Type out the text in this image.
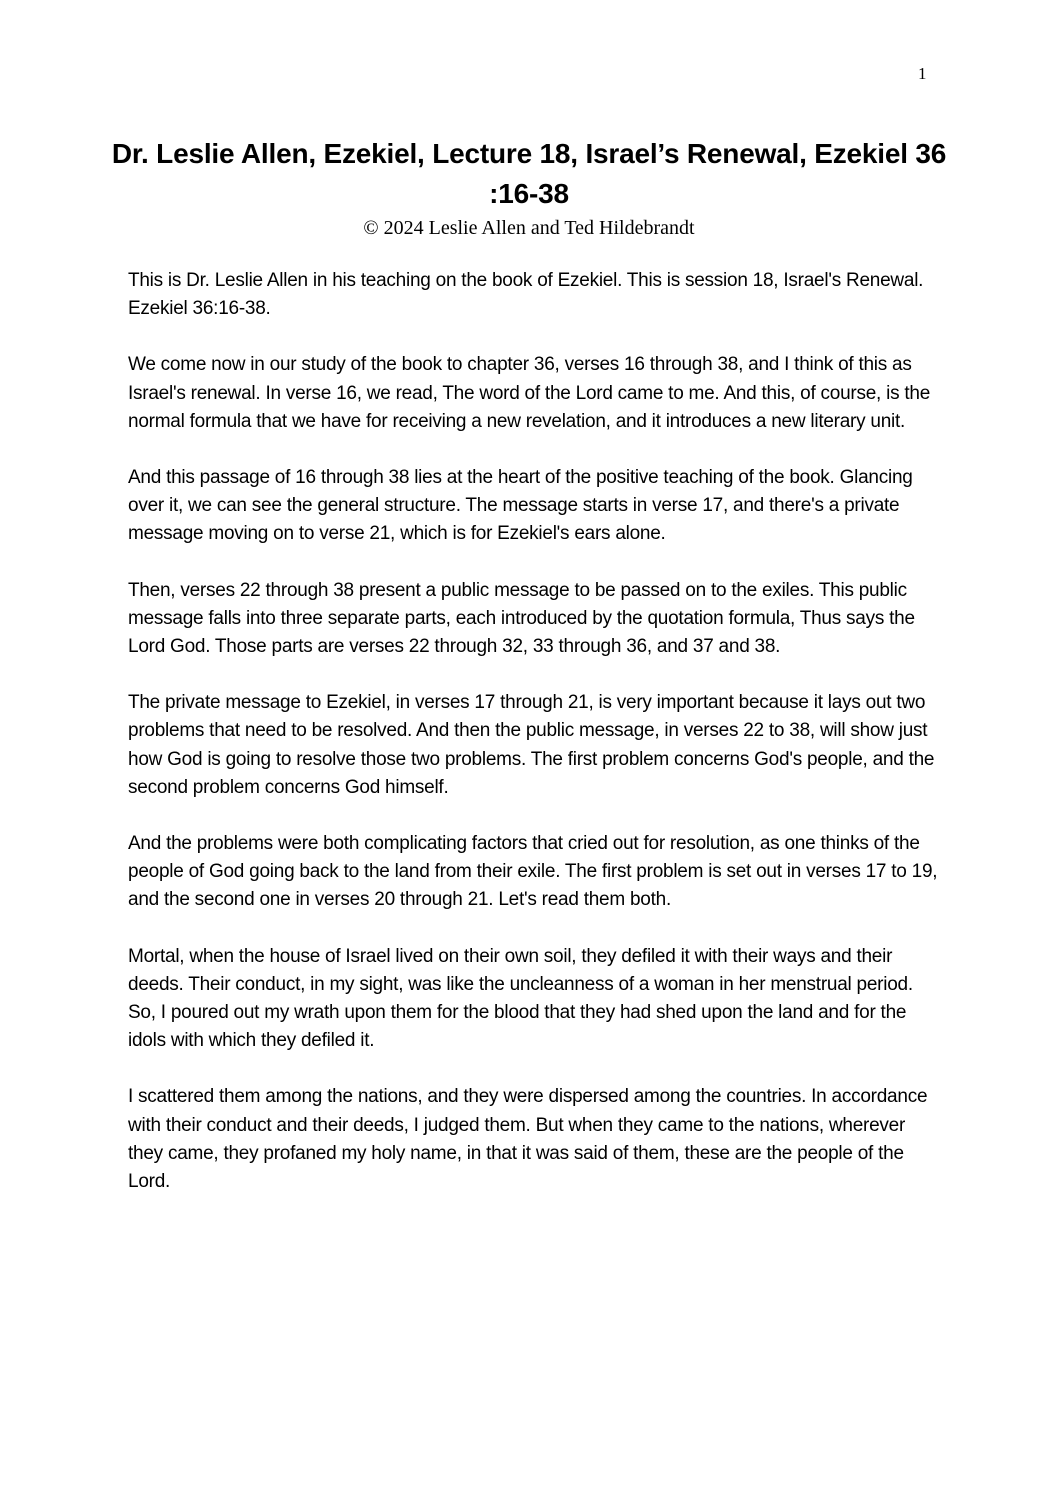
1
Dr. Leslie Allen, Ezekiel, Lecture 18, Israel’s Renewal, Ezekiel 36 :16-38
© 2024 Leslie Allen and Ted Hildebrandt

This is Dr. Leslie Allen in his teaching on the book of Ezekiel. This is session 18, Israel's Renewal. Ezekiel 36:16-38.

We come now in our study of the book to chapter 36, verses 16 through 38, and I think of this as Israel's renewal. In verse 16, we read, The word of the Lord came to me. And this, of course, is the normal formula that we have for receiving a new revelation, and it introduces a new literary unit.

And this passage of 16 through 38 lies at the heart of the positive teaching of the book. Glancing over it, we can see the general structure. The message starts in verse 17, and there's a private message moving on to verse 21, which is for Ezekiel's ears alone.

Then, verses 22 through 38 present a public message to be passed on to the exiles. This public message falls into three separate parts, each introduced by the quotation formula, Thus says the Lord God. Those parts are verses 22 through 32, 33 through 36, and 37 and 38.

The private message to Ezekiel, in verses 17 through 21, is very important because it lays out two problems that need to be resolved. And then the public message, in verses 22 to 38, will show just how God is going to resolve those two problems. The first problem concerns God's people, and the second problem concerns God himself.

And the problems were both complicating factors that cried out for resolution, as one thinks of the people of God going back to the land from their exile. The first problem is set out in verses 17 to 19, and the second one in verses 20 through 21. Let's read them both.

Mortal, when the house of Israel lived on their own soil, they defiled it with their ways and their deeds. Their conduct, in my sight, was like the uncleanness of a woman in her menstrual period. So, I poured out my wrath upon them for the blood that they had shed upon the land and for the idols with which they defiled it.

I scattered them among the nations, and they were dispersed among the countries. In accordance with their conduct and their deeds, I judged them. But when they came to the nations, wherever they came, they profaned my holy name, in that it was said of them, these are the people of the Lord.
